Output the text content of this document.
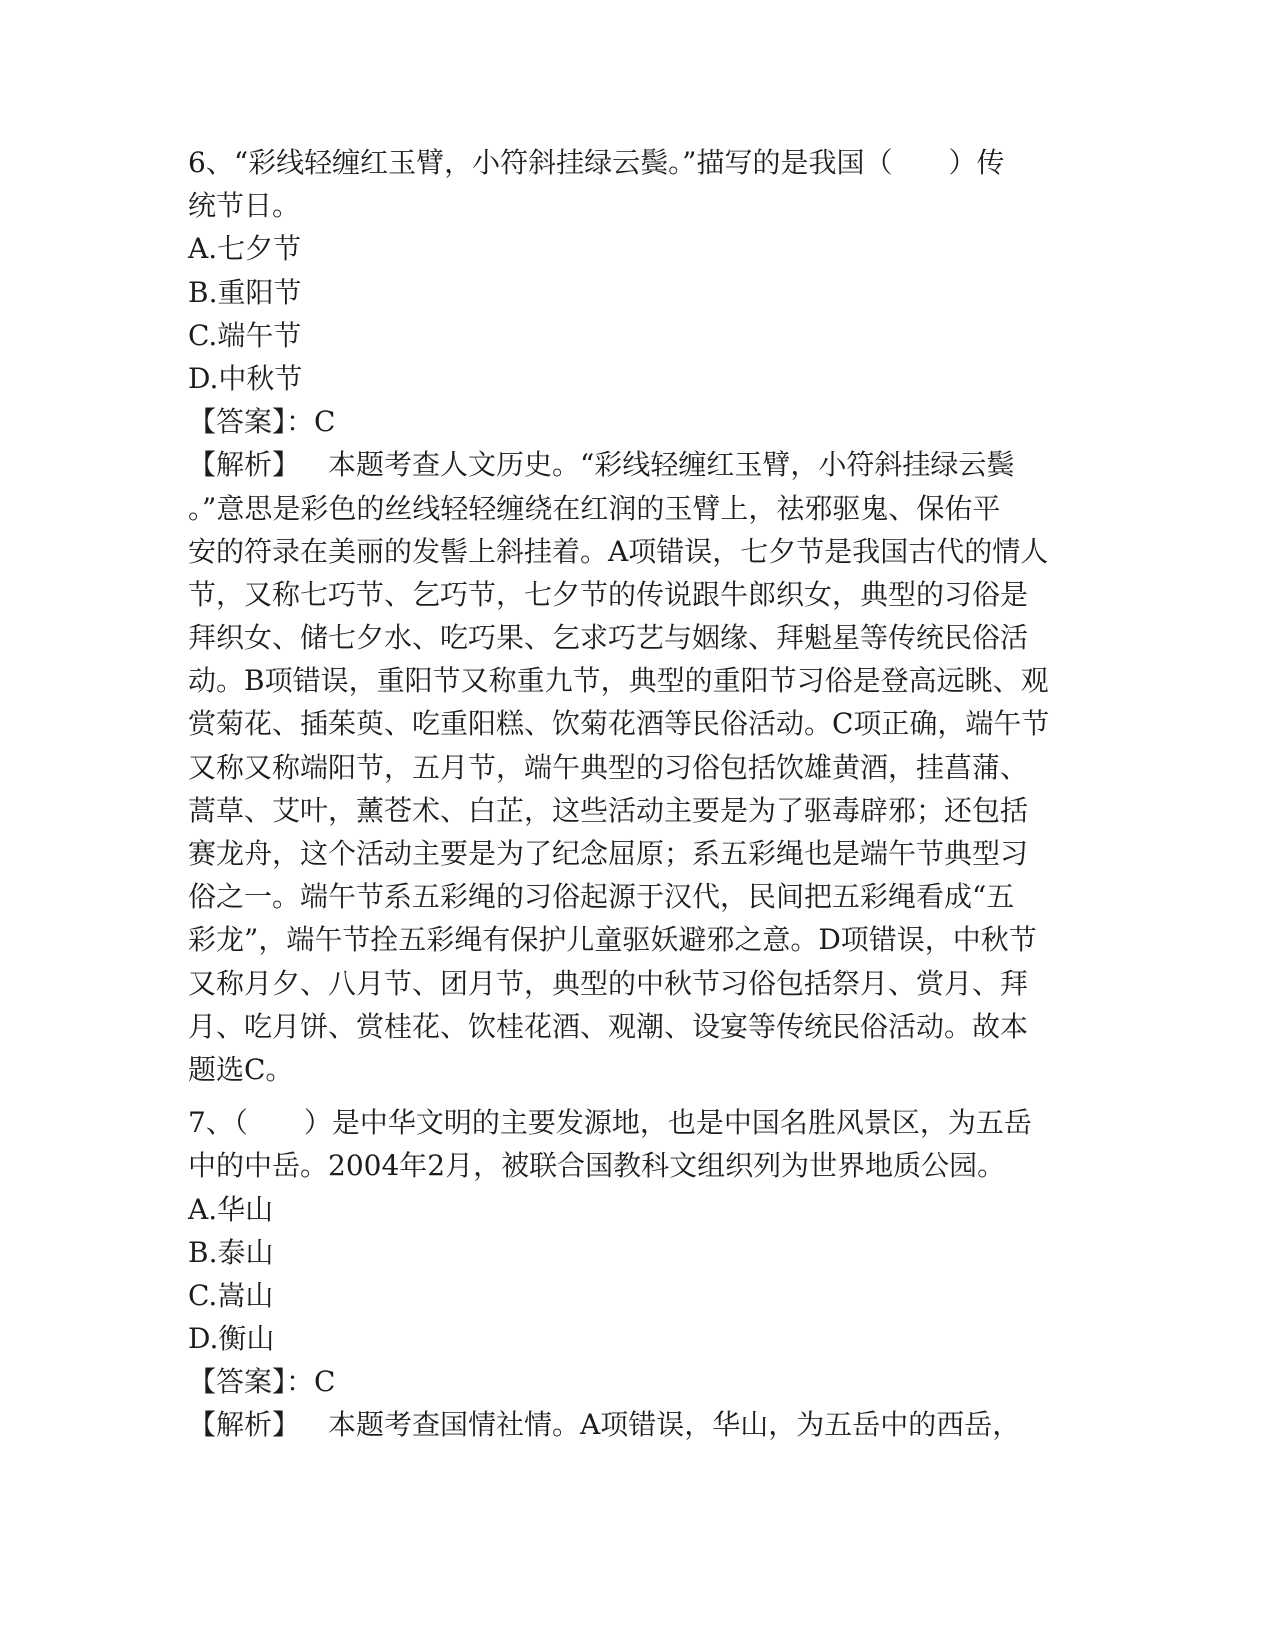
6、“彩线轻缠红玉臂，小符斜挂绿云鬓。”描写的是我国（　　）传
统节日。
A.七夕节
B.重阳节
C.端午节
D.中秋节
【答案】：C
【解析】 本题考查人文历史。“彩线轻缠红玉臂，小符斜挂绿云鬓
。”意思是彩色的丝线轻轻缠绕在红润的玉臂上，祛邪驱鬼、保佑平
安的符录在美丽的发髻上斜挂着。A项错误，七夕节是我国古代的情人
节，又称七巧节、乞巧节，七夕节的传说跟牛郎织女，典型的习俗是
拜织女、储七夕水、吃巧果、乞求巧艺与姻缘、拜魁星等传统民俗活
动。B项错误，重阳节又称重九节，典型的重阳节习俗是登高远眺、观
赏菊花、插茱萸、吃重阳糕、饮菊花酒等民俗活动。C项正确，端午节
又称又称端阳节，五月节，端午典型的习俗包括饮雄黄酒，挂菖蒲、
蒿草、艾叶，薰苍术、白芷，这些活动主要是为了驱毒辟邪；还包括
赛龙舟，这个活动主要是为了纪念屈原；系五彩绳也是端午节典型习
俗之一。端午节系五彩绳的习俗起源于汉代，民间把五彩绳看成“五
彩龙”，端午节拴五彩绳有保护儿童驱妖避邪之意。D项错误，中秋节
又称月夕、八月节、团月节，典型的中秋节习俗包括祭月、赏月、拜
月、吃月饼、赏桂花、饮桂花酒、观潮、设宴等传统民俗活动。故本
题选C。
7、（　　）是中华文明的主要发源地，也是中国名胜风景区，为五岳
中的中岳。2004年2月，被联合国教科文组织列为世界地质公园。
A.华山
B.泰山
C.嵩山
D.衡山
【答案】：C
【解析】 本题考查国情社情。A项错误，华山，为五岳中的西岳，
